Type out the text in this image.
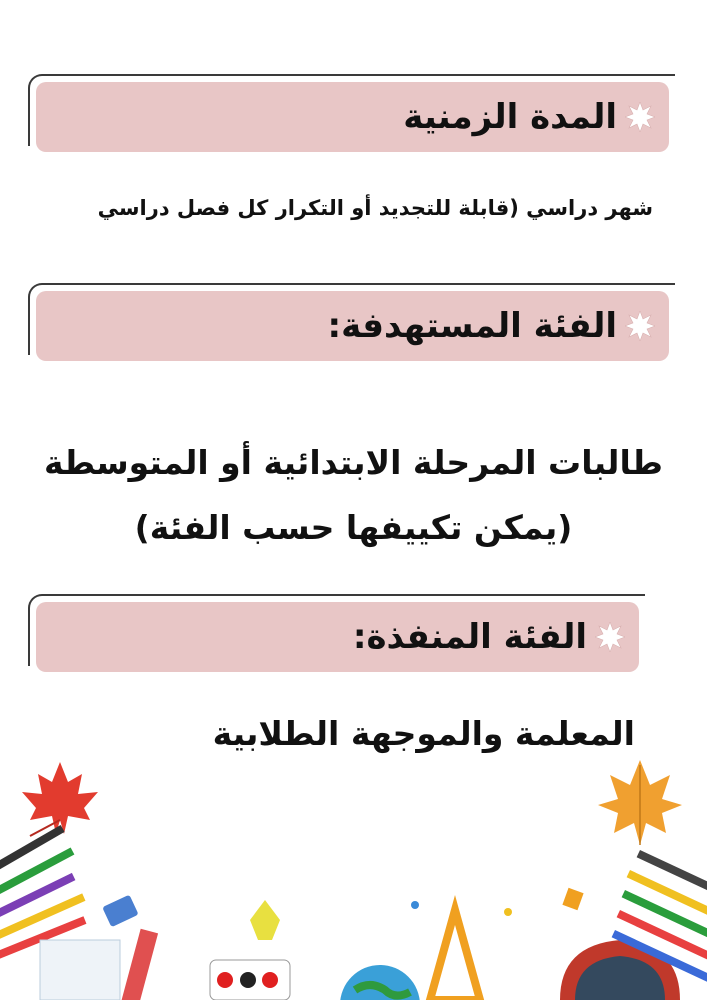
المدة الزمنية
شهر دراسي (قابلة للتجديد أو التكرار كل فصل دراسي
الفئة المستهدفة:
طالبات المرحلة الابتدائية أو المتوسطة
(يمكن تكييفها حسب الفئة)
الفئة المنفذة:
المعلمة والموجهة الطلابية
